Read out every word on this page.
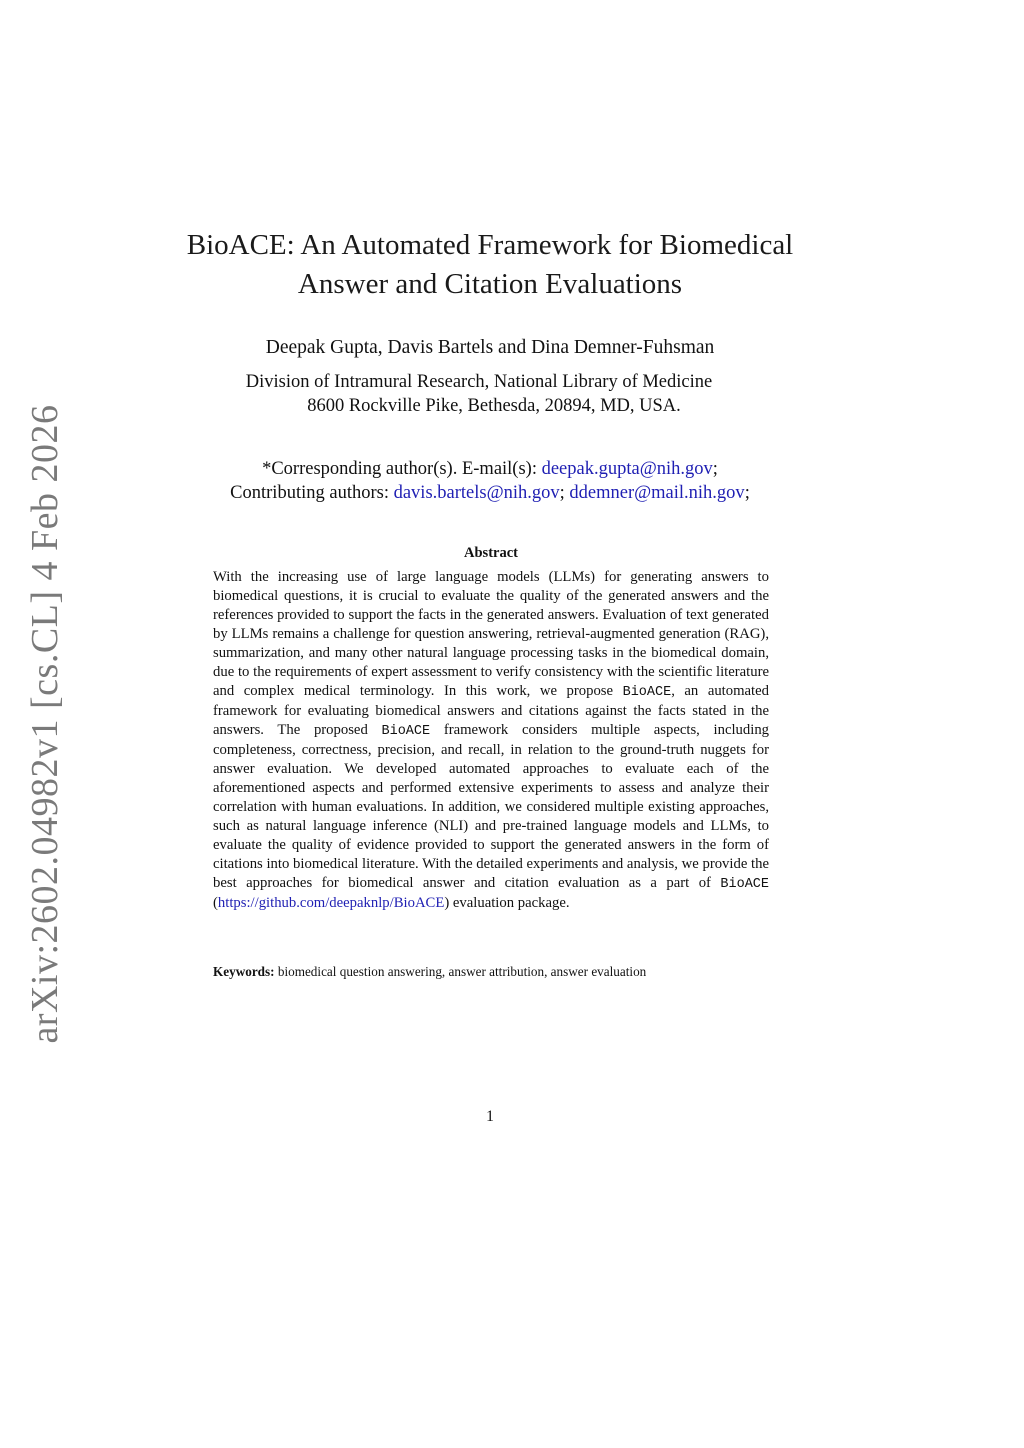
arXiv:2602.04982v1 [cs.CL] 4 Feb 2026
BioACE: An Automated Framework for Biomedical
Answer and Citation Evaluations
Deepak Gupta, Davis Bartels and Dina Demner-Fuhsman
Division of Intramural Research, National Library of Medicine
8600 Rockville Pike, Bethesda, 20894, MD, USA.
*Corresponding author(s). E-mail(s): deepak.gupta@nih.gov;
Contributing authors: davis.bartels@nih.gov; ddemner@mail.nih.gov;
Abstract
With the increasing use of large language models (LLMs) for generating answers to biomedical questions, it is crucial to evaluate the quality of the generated answers and the references provided to support the facts in the generated answers. Evaluation of text generated by LLMs remains a challenge for question answering, retrieval-augmented generation (RAG), summarization, and many other natural language processing tasks in the biomedical domain, due to the requirements of expert assessment to verify consistency with the scientific literature and complex medical terminology. In this work, we propose BioACE, an automated framework for evaluating biomedical answers and citations against the facts stated in the answers. The proposed BioACE framework considers multiple aspects, including completeness, correctness, precision, and recall, in relation to the ground-truth nuggets for answer evaluation. We developed automated approaches to evaluate each of the aforementioned aspects and performed extensive experiments to assess and analyze their correlation with human evaluations. In addition, we considered multiple existing approaches, such as natural language inference (NLI) and pre-trained language models and LLMs, to evaluate the quality of evidence provided to support the generated answers in the form of citations into biomedical literature. With the detailed experiments and analysis, we provide the best approaches for biomedical answer and citation evaluation as a part of BioACE (https://github.com/deepaknlp/BioACE) evaluation package.
Keywords: biomedical question answering, answer attribution, answer evaluation
1
